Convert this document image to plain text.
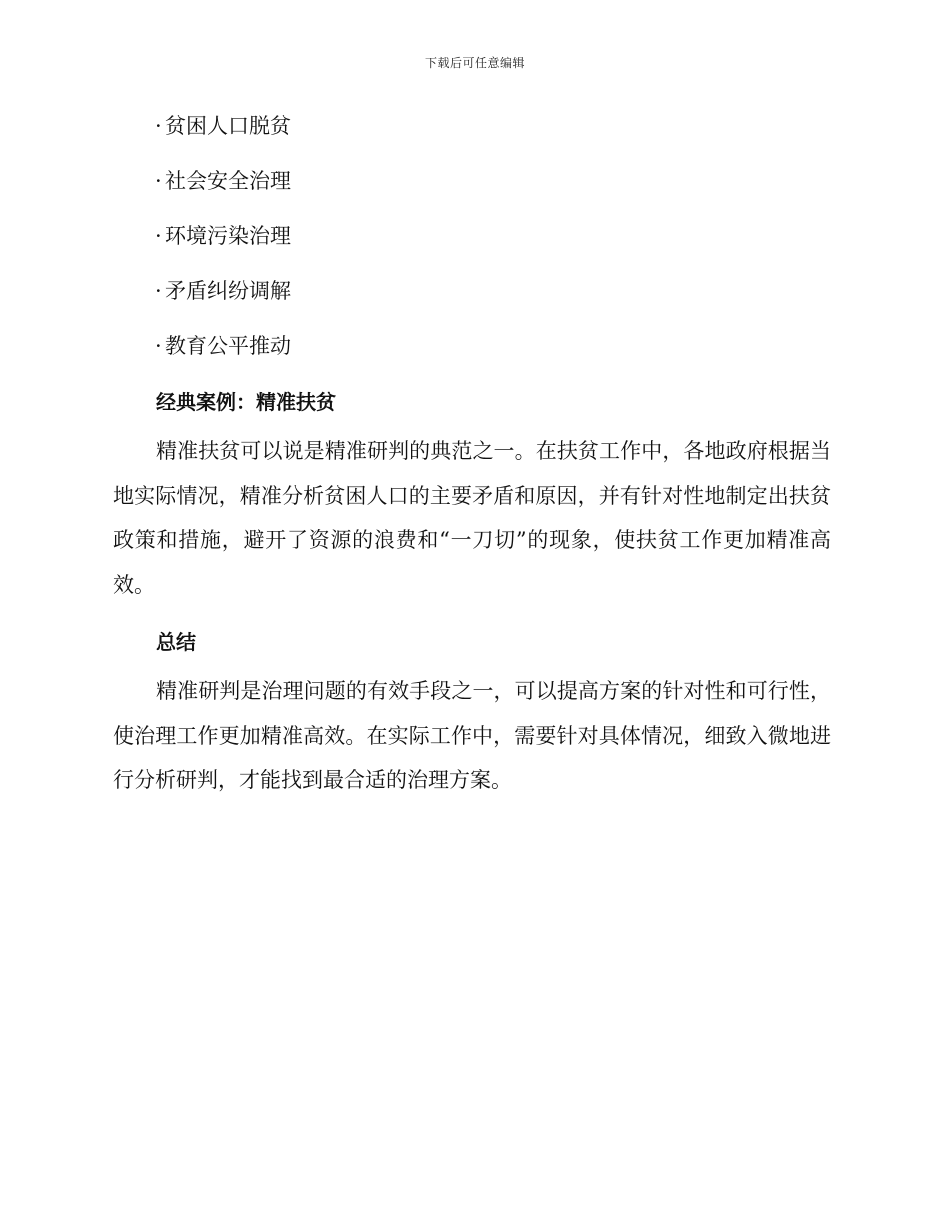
下载后可任意编辑
· 贫困人口脱贫
· 社会安全治理
· 环境污染治理
· 矛盾纠纷调解
· 教育公平推动
经典案例：精准扶贫

精准扶贫可以说是精准研判的典范之一。在扶贫工作中，各地政府根据当地实际情况，精准分析贫困人口的主要矛盾和原因，并有针对性地制定出扶贫政策和措施，避开了资源的浪费和“一刀切”的现象，使扶贫工作更加精准高效。

总结

精准研判是治理问题的有效手段之一，可以提高方案的针对性和可行性，使治理工作更加精准高效。在实际工作中，需要针对具体情况，细致入微地进行分析研判，才能找到最合适的治理方案。
